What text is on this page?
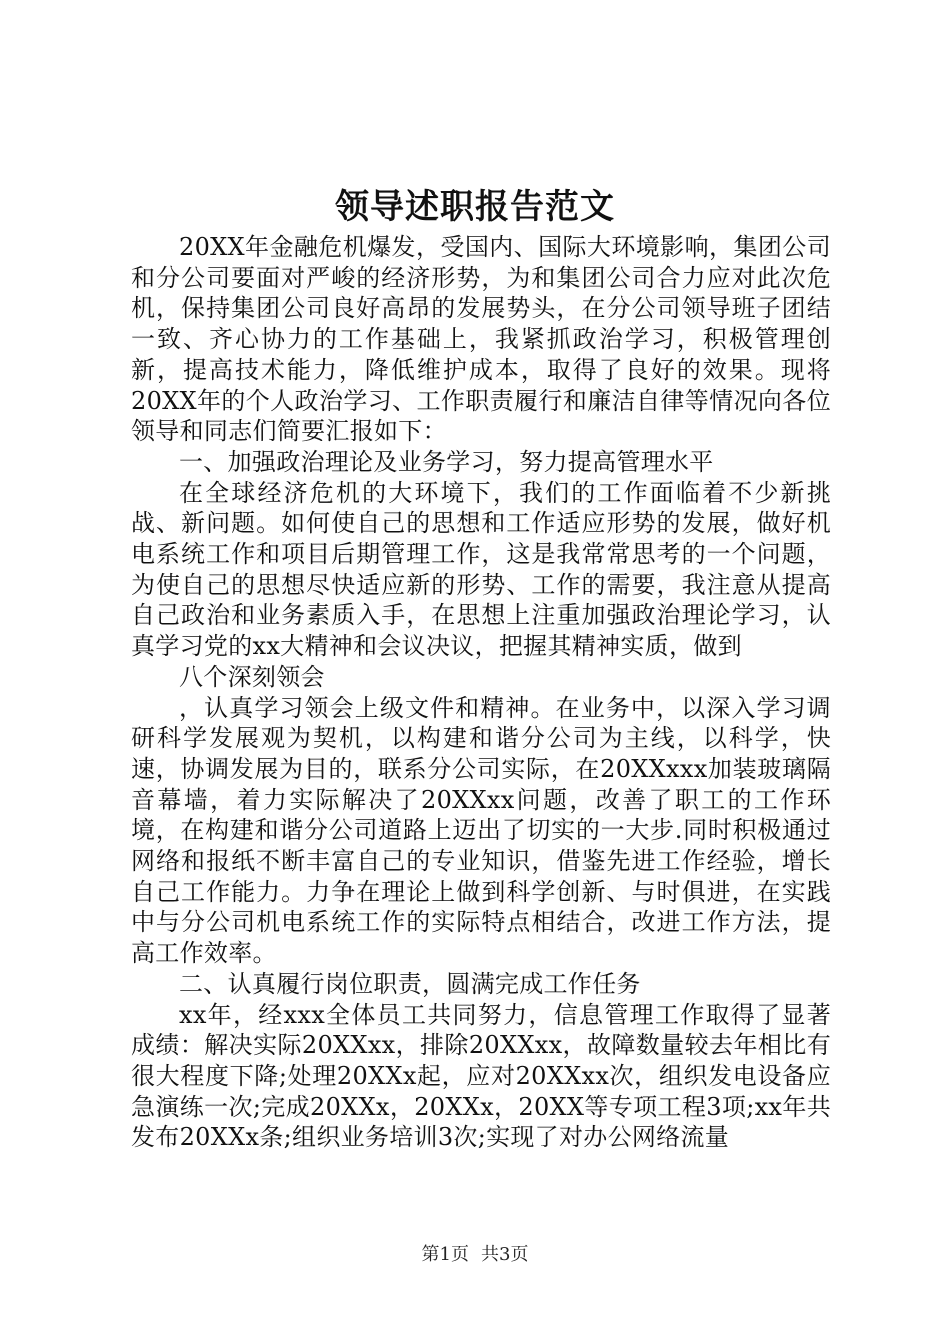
领导述职报告范文

20XX年金融危机爆发，受国内、国际大环境影响，集团公司和分公司要面对严峻的经济形势，为和集团公司合力应对此次危机，保持集团公司良好高昂的发展势头，在分公司领导班子团结一致、齐心协力的工作基础上，我紧抓政治学习，积极管理创新，提高技术能力，降低维护成本，取得了良好的效果。现将20XX年的个人政治学习、工作职责履行和廉洁自律等情况向各位领导和同志们简要汇报如下：

一、加强政治理论及业务学习，努力提高管理水平

在全球经济危机的大环境下，我们的工作面临着不少新挑战、新问题。如何使自己的思想和工作适应形势的发展，做好机电系统工作和项目后期管理工作，这是我常常思考的一个问题，为使自己的思想尽快适应新的形势、工作的需要，我注意从提高自己政治和业务素质入手，在思想上注重加强政治理论学习，认真学习党的xx大精神和会议决议，把握其精神实质，做到

八个深刻领会

，认真学习领会上级文件和精神。在业务中，以深入学习调研科学发展观为契机，以构建和谐分公司为主线，以科学，快速，协调发展为目的，联系分公司实际，在20XXxxx加装玻璃隔音幕墙，着力实际解决了20XXxx问题，改善了职工的工作环境，在构建和谐分公司道路上迈出了切实的一大步.同时积极通过网络和报纸不断丰富自己的专业知识，借鉴先进工作经验，增长自己工作能力。力争在理论上做到科学创新、与时俱进，在实践中与分公司机电系统工作的实际特点相结合，改进工作方法，提高工作效率。

二、认真履行岗位职责，圆满完成工作任务

xx年，经xxx全体员工共同努力，信息管理工作取得了显著成绩：解决实际20XXxx，排除20XXxx，故障数量较去年相比有很大程度下降;处理20XXx起，应对20XXxx次，组织发电设备应急演练一次;完成20XXx，20XXx，20XX等专项工程3项;xx年共发布20XXx条;组织业务培训3次;实现了对办公网络流量

第1页 共3页
